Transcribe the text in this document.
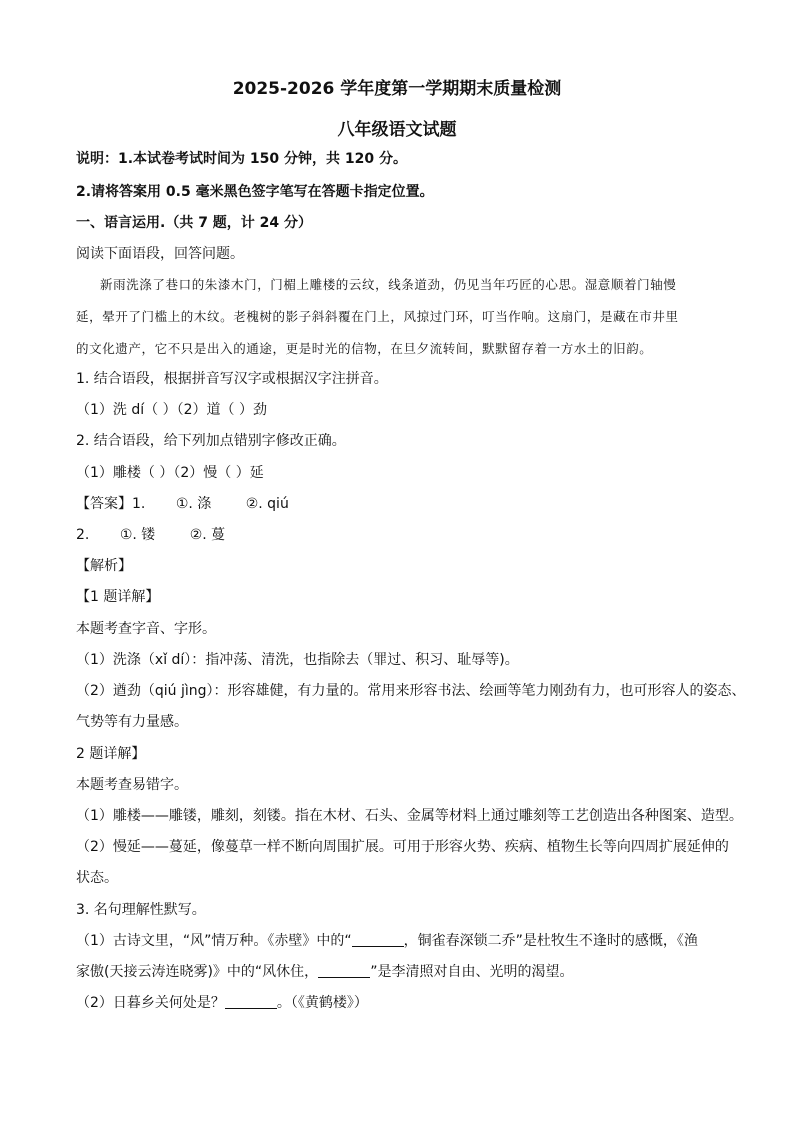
2025-2026 学年度第一学期期末质量检测
八年级语文试题
说明：1.本试卷考试时间为 150 分钟，共 120 分。
2.请将答案用 0.5 毫米黑色签字笔写在答题卡指定位置。
一、语言运用.（共 7 题，计 24 分）
阅读下面语段，回答问题。
新雨洗涤了巷口的朱漆木门，门楣上雕楼的云纹，线条道劲，仍见当年巧匠的心思。湿意顺着门轴慢
延，晕开了门槛上的木纹。老槐树的影子斜斜覆在门上，风掠过门环，叮当作响。这扇门，是藏在市井里
的文化遗产，它不只是出入的通途，更是时光的信物，在旦夕流转间，默默留存着一方水土的旧韵。
1. 结合语段，根据拼音写汉字或根据汉字注拼音。
（1）洗 dí（ ）（2）道（ ）劲
2. 结合语段，给下列加点错别字修改正确。
（1）雕楼（ ）（2）慢（ ）延
【答案】1. ①. 涤 ②. qiú
2. ①. 镂 ②. 蔓
【解析】
【1 题详解】
本题考查字音、字形。
（1）洗涤（xǐ dí）：指冲荡、清洗，也指除去（罪过、积习、耻辱等)。
（2）遒劲（qiú jìng）：形容雄健，有力量的。常用来形容书法、绘画等笔力刚劲有力，也可形容人的姿态、
气势等有力量感。
2 题详解】
本题考查易错字。
（1）雕楼——雕镂，雕刻，刻镂。指在木材、石头、金属等材料上通过雕刻等工艺创造出各种图案、造型。
（2）慢延——蔓延，像蔓草一样不断向周围扩展。可用于形容火势、疾病、植物生长等向四周扩展延伸的
状态。
3. 名句理解性默写。
（1）古诗文里，“风”情万种。《赤壁》中的“	，铜雀春深锁二乔”是杜牧生不逢时的感慨，《渔
家傲(天接云涛连晓雾)》中的“风休住，	”是李清照对自由、光明的渴望。
（2）日暮乡关何处是？	。（《黄鹤楼》）
